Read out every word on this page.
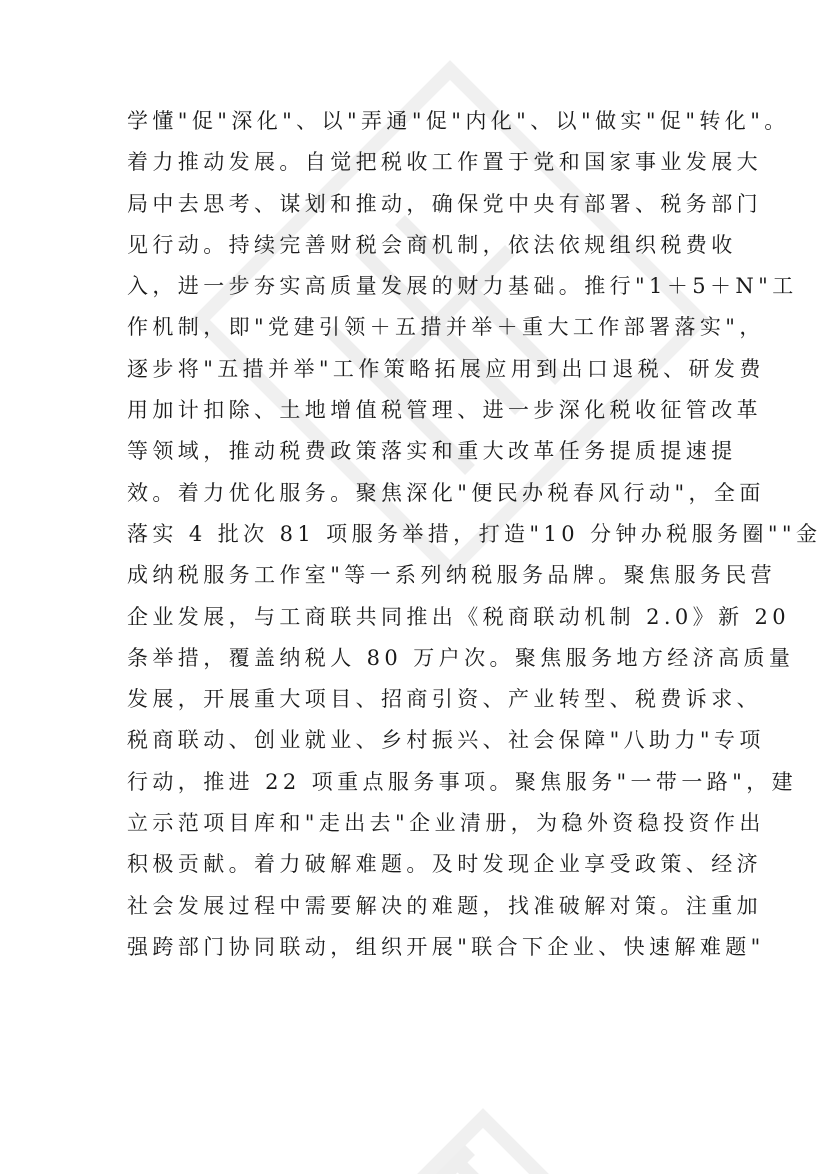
学懂"促"深化"、以"弄通"促"内化"、以"做实"促"转化"。
着力推动发展。自觉把税收工作置于党和国家事业发展大
局中去思考、谋划和推动，确保党中央有部署、税务部门
见行动。持续完善财税会商机制，依法依规组织税费收
入，进一步夯实高质量发展的财力基础。推行"1＋5＋N"工
作机制，即"党建引领＋五措并举＋重大工作部署落实"，
逐步将"五措并举"工作策略拓展应用到出口退税、研发费
用加计扣除、土地增值税管理、进一步深化税收征管改革
等领域，推动税费政策落实和重大改革任务提质提速提
效。着力优化服务。聚焦深化"便民办税春风行动"，全面
落实 4 批次 81 项服务举措，打造"10 分钟办税服务圈""金
成纳税服务工作室"等一系列纳税服务品牌。聚焦服务民营
企业发展，与工商联共同推出《税商联动机制 2.0》新 20
条举措，覆盖纳税人 80 万户次。聚焦服务地方经济高质量
发展，开展重大项目、招商引资、产业转型、税费诉求、
税商联动、创业就业、乡村振兴、社会保障"八助力"专项
行动，推进 22 项重点服务事项。聚焦服务"一带一路"，建
立示范项目库和"走出去"企业清册，为稳外资稳投资作出
积极贡献。着力破解难题。及时发现企业享受政策、经济
社会发展过程中需要解决的难题，找准破解对策。注重加
强跨部门协同联动，组织开展"联合下企业、快速解难题"
